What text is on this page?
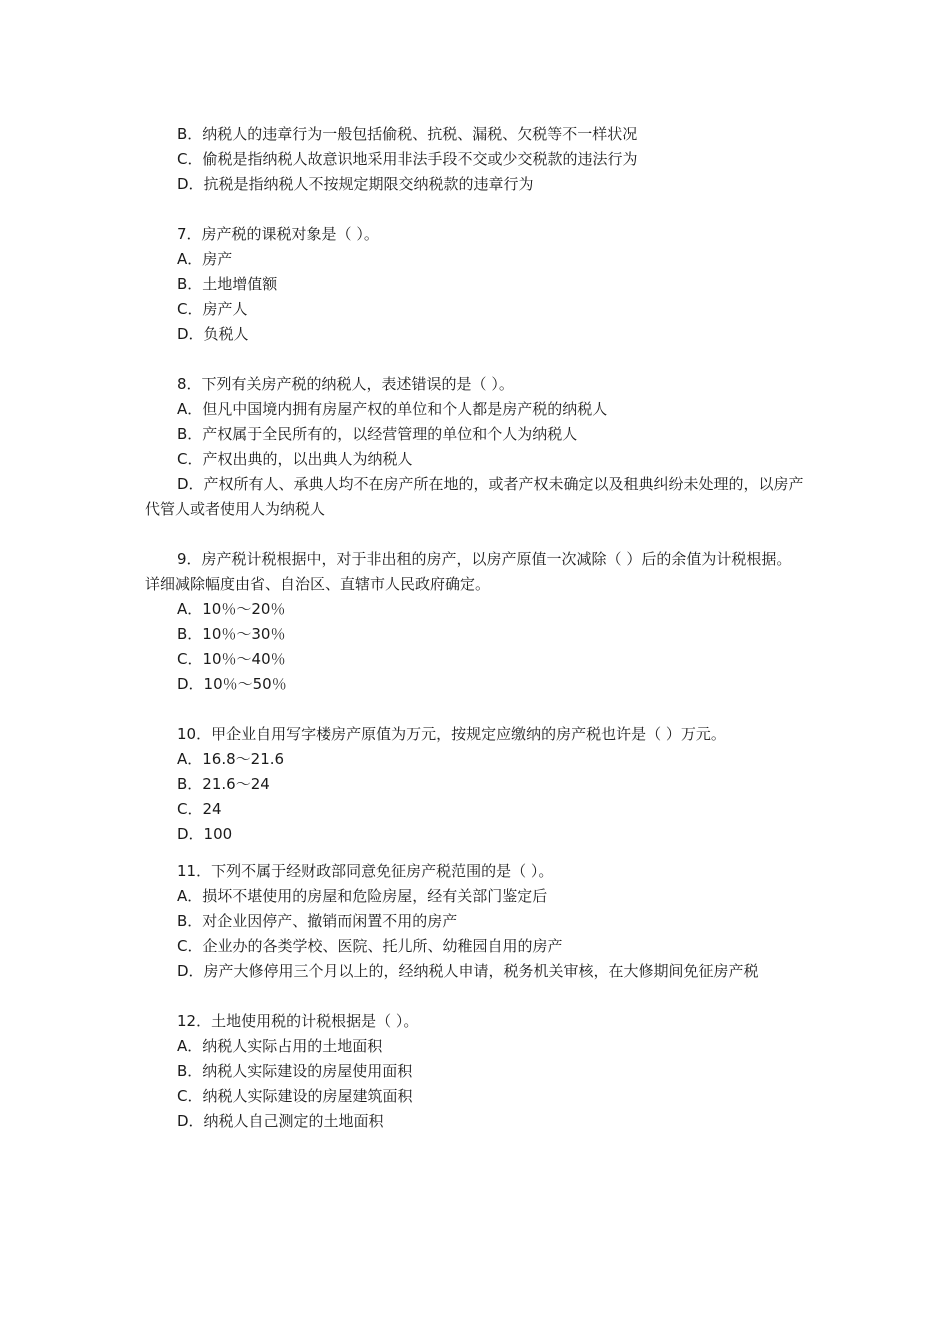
B．纳税人的违章行为一般包括偷税、抗税、漏税、欠税等不一样状况
C．偷税是指纳税人故意识地采用非法手段不交或少交税款的违法行为
D．抗税是指纳税人不按规定期限交纳税款的违章行为
7．房产税的课税对象是（ ）。
A．房产
B．土地增值额
C．房产人
D．负税人
8．下列有关房产税的纳税人，表述错误的是（ ）。
A．但凡中国境内拥有房屋产权的单位和个人都是房产税的纳税人
B．产权属于全民所有的，以经营管理的单位和个人为纳税人
C．产权出典的，以出典人为纳税人
D．产权所有人、承典人均不在房产所在地的，或者产权未确定以及租典纠纷未处理的，以房产代管人或者使用人为纳税人
9．房产税计税根据中，对于非出租的房产，以房产原值一次减除（ ）后的余值为计税根据。详细减除幅度由省、自治区、直辖市人民政府确定。
A．10％～20％
B．10％～30％
C．10％～40％
D．10％～50％
10．甲企业自用写字楼房产原值为万元，按规定应缴纳的房产税也许是（ ）万元。
A．16.8～21.6
B．21.6～24
C．24
D．100
11．下列不属于经财政部同意免征房产税范围的是（ ）。
A．损坏不堪使用的房屋和危险房屋，经有关部门鉴定后
B．对企业因停产、撤销而闲置不用的房产
C．企业办的各类学校、医院、托儿所、幼稚园自用的房产
D．房产大修停用三个月以上的，经纳税人申请，税务机关审核，在大修期间免征房产税
12．土地使用税的计税根据是（ ）。
A．纳税人实际占用的土地面积
B．纳税人实际建设的房屋使用面积
C．纳税人实际建设的房屋建筑面积
D．纳税人自己测定的土地面积
